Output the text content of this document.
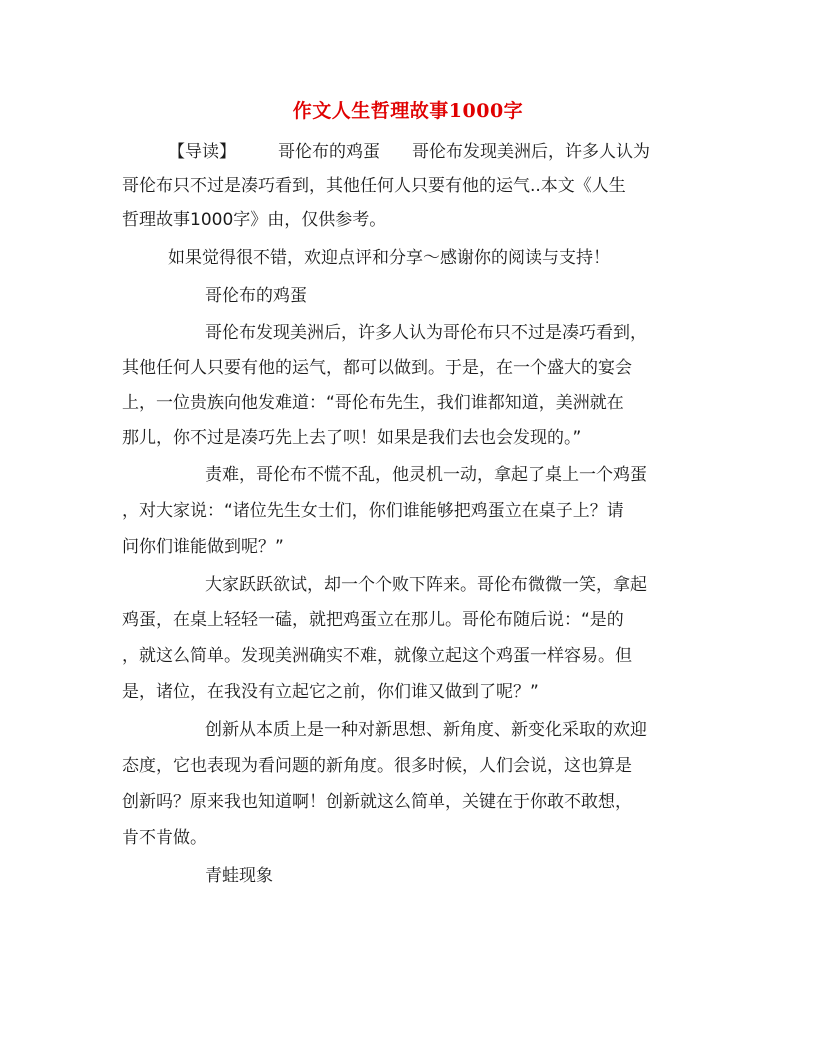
作文人生哲理故事1000字
【导读】 哥伦布的鸡蛋 哥伦布发现美洲后，许多人认为
哥伦布只不过是凑巧看到，其他任何人只要有他的运气..本文《人生
哲理故事1000字》由，仅供参考。
如果觉得很不错，欢迎点评和分享～感谢你的阅读与支持！
哥伦布的鸡蛋
哥伦布发现美洲后，许多人认为哥伦布只不过是凑巧看到，
其他任何人只要有他的运气，都可以做到。于是，在一个盛大的宴会
上，一位贵族向他发难道：“哥伦布先生，我们谁都知道，美洲就在
那儿，你不过是凑巧先上去了呗！如果是我们去也会发现的。”
责难，哥伦布不慌不乱，他灵机一动，拿起了桌上一个鸡蛋
，对大家说：“诸位先生女士们，你们谁能够把鸡蛋立在桌子上？请
问你们谁能做到呢？”
大家跃跃欲试，却一个个败下阵来。哥伦布微微一笑，拿起
鸡蛋，在桌上轻轻一磕，就把鸡蛋立在那儿。哥伦布随后说：“是的
，就这么简单。发现美洲确实不难，就像立起这个鸡蛋一样容易。但
是，诸位，在我没有立起它之前，你们谁又做到了呢？”
创新从本质上是一种对新思想、新角度、新变化采取的欢迎
态度，它也表现为看问题的新角度。很多时候，人们会说，这也算是
创新吗？原来我也知道啊！创新就这么简单，关键在于你敢不敢想，
肯不肯做。
青蛙现象
